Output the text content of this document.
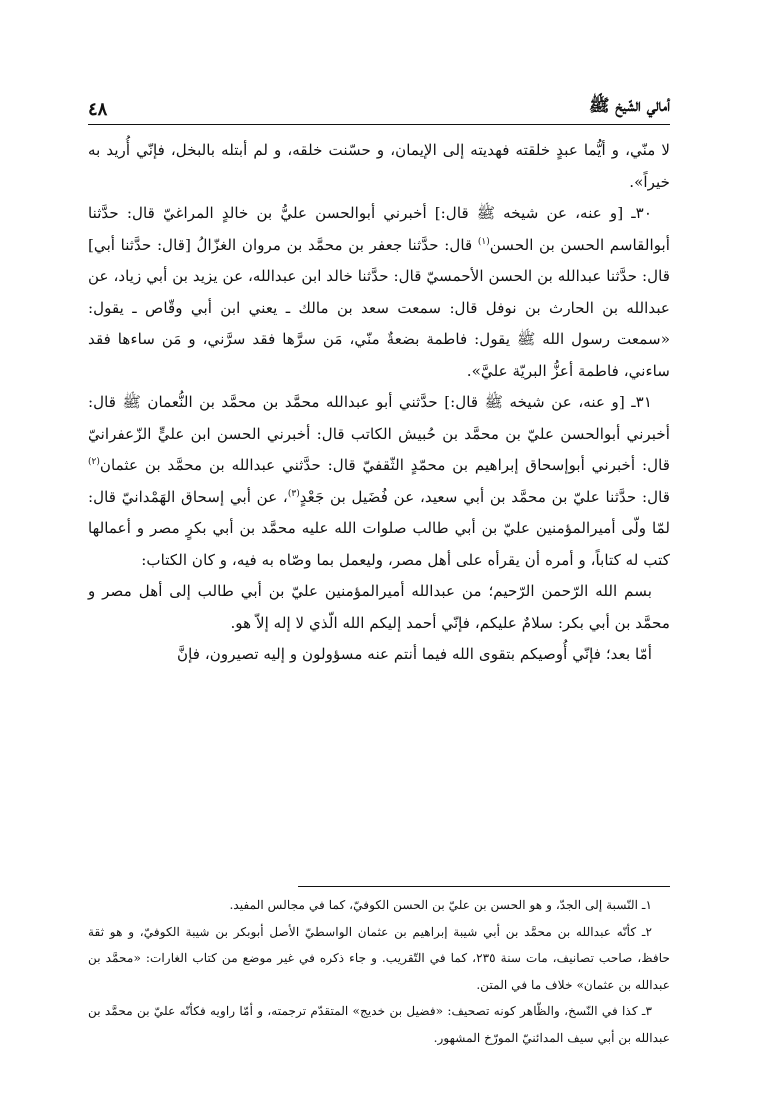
أمالي الشّيخ ﷺ
٤٨

لا منّي، و أيُّما عبدٍ خلقته فهديته إلى الإيمان، و حسّنت خلقه، و لم أبتله بالبخل، فإنّي أُريد به خيراً».

٣٠ـ [و عنه، عن شيخه ﷺ قال:] أخبرني أبوالحسن عليُّ بن خالدٍ المراغيّ قال: حدَّثنا أبوالقاسم الحسن بن الحسن$^{(١)}$ قال: حدَّثنا جعفر بن محمَّد بن مروان الغزّالُ [قال: حدَّثنا أبي] قال: حدَّثنا عبدالله بن الحسن الأحمسيّ قال: حدَّثنا خالد ابن عبدالله، عن يزيد بن أبي زياد، عن عبدالله بن الحارث بن نوفل قال: سمعت سعد بن مالك ـ يعني ابن أبي وقّاص ـ يقول: «سمعت رسول الله ﷺ يقول: فاطمة بضعةٌ منّي، مَن سرَّها فقد سرَّني، و مَن ساءها فقد ساءني، فاطمة أعزُّ البريّة عليَّ».

٣١ـ [و عنه، عن شيخه ﷺ قال:] حدَّثني أبو عبدالله محمَّد بن محمَّد بن النُّعمان ﷺ قال: أخبرني أبوالحسن عليّ بن محمَّد بن حُبيش الكاتب قال: أخبرني الحسن ابن عليٍّ الزّعفرانيّ قال: أخبرني أبوإسحاق إبراهيم بن محمّدٍ الثّقفيّ قال: حدَّثني عبدالله بن محمَّد بن عثمان$^{(٢)}$ قال: حدَّثنا عليّ بن محمَّد بن أبي سعيد، عن فُضَيل بن جَعْدٍ$^{(٣)}$، عن أبي إسحاق الهَمْدانيّ قال: لمّا ولّى أميرالمؤمنين عليّ بن أبي طالب صلوات الله عليه محمَّد بن أبي بكرٍ مصر و أعمالها كتب له كتاباً، و أمره أن يقرأه على أهل مصر، وليعمل بما وصّاه به فيه، و كان الكتاب:

بسم الله الرّحمن الرّحيم؛ من عبدالله أميرالمؤمنين عليّ بن أبي طالب إلى أهل مصر و محمَّد بن أبي بكر: سلامٌ عليكم، فإنّي أحمد إليكم الله الّذي لا إله إلاّ هو.

أمّا بعد؛ فإنّي أُوصيكم بتقوى الله فيما أنتم عنه مسؤولون و إليه تصيرون، فإنَّ

١ـ النّسبة إلى الجدّ، و هو الحسن بن عليّ بن الحسن الكوفيّ، كما في مجالس المفيد.

٢ـ كأنّه عبدالله بن محمَّد بن أبي شيبة إبراهيم بن عثمان الواسطيّ الأصل أبوبكر بن شيبة الكوفيّ، و هو ثقة حافظ، صاحب تصانيف، مات سنة ٢٣٥، كما في التّقريب. و جاء ذكره في غير موضع من كتاب الغارات: «محمَّد بن عبدالله بن عثمان» خلاف ما في المتن.

٣ـ كذا في النّسخ، والظّاهر كونه تصحيف: «فضيل بن خديج» المتقدّم ترجمته، و أمّا راويه فكأنّه عليّ بن محمَّد بن عبدالله بن أبي سيف المدائنيّ المورّخ المشهور.
